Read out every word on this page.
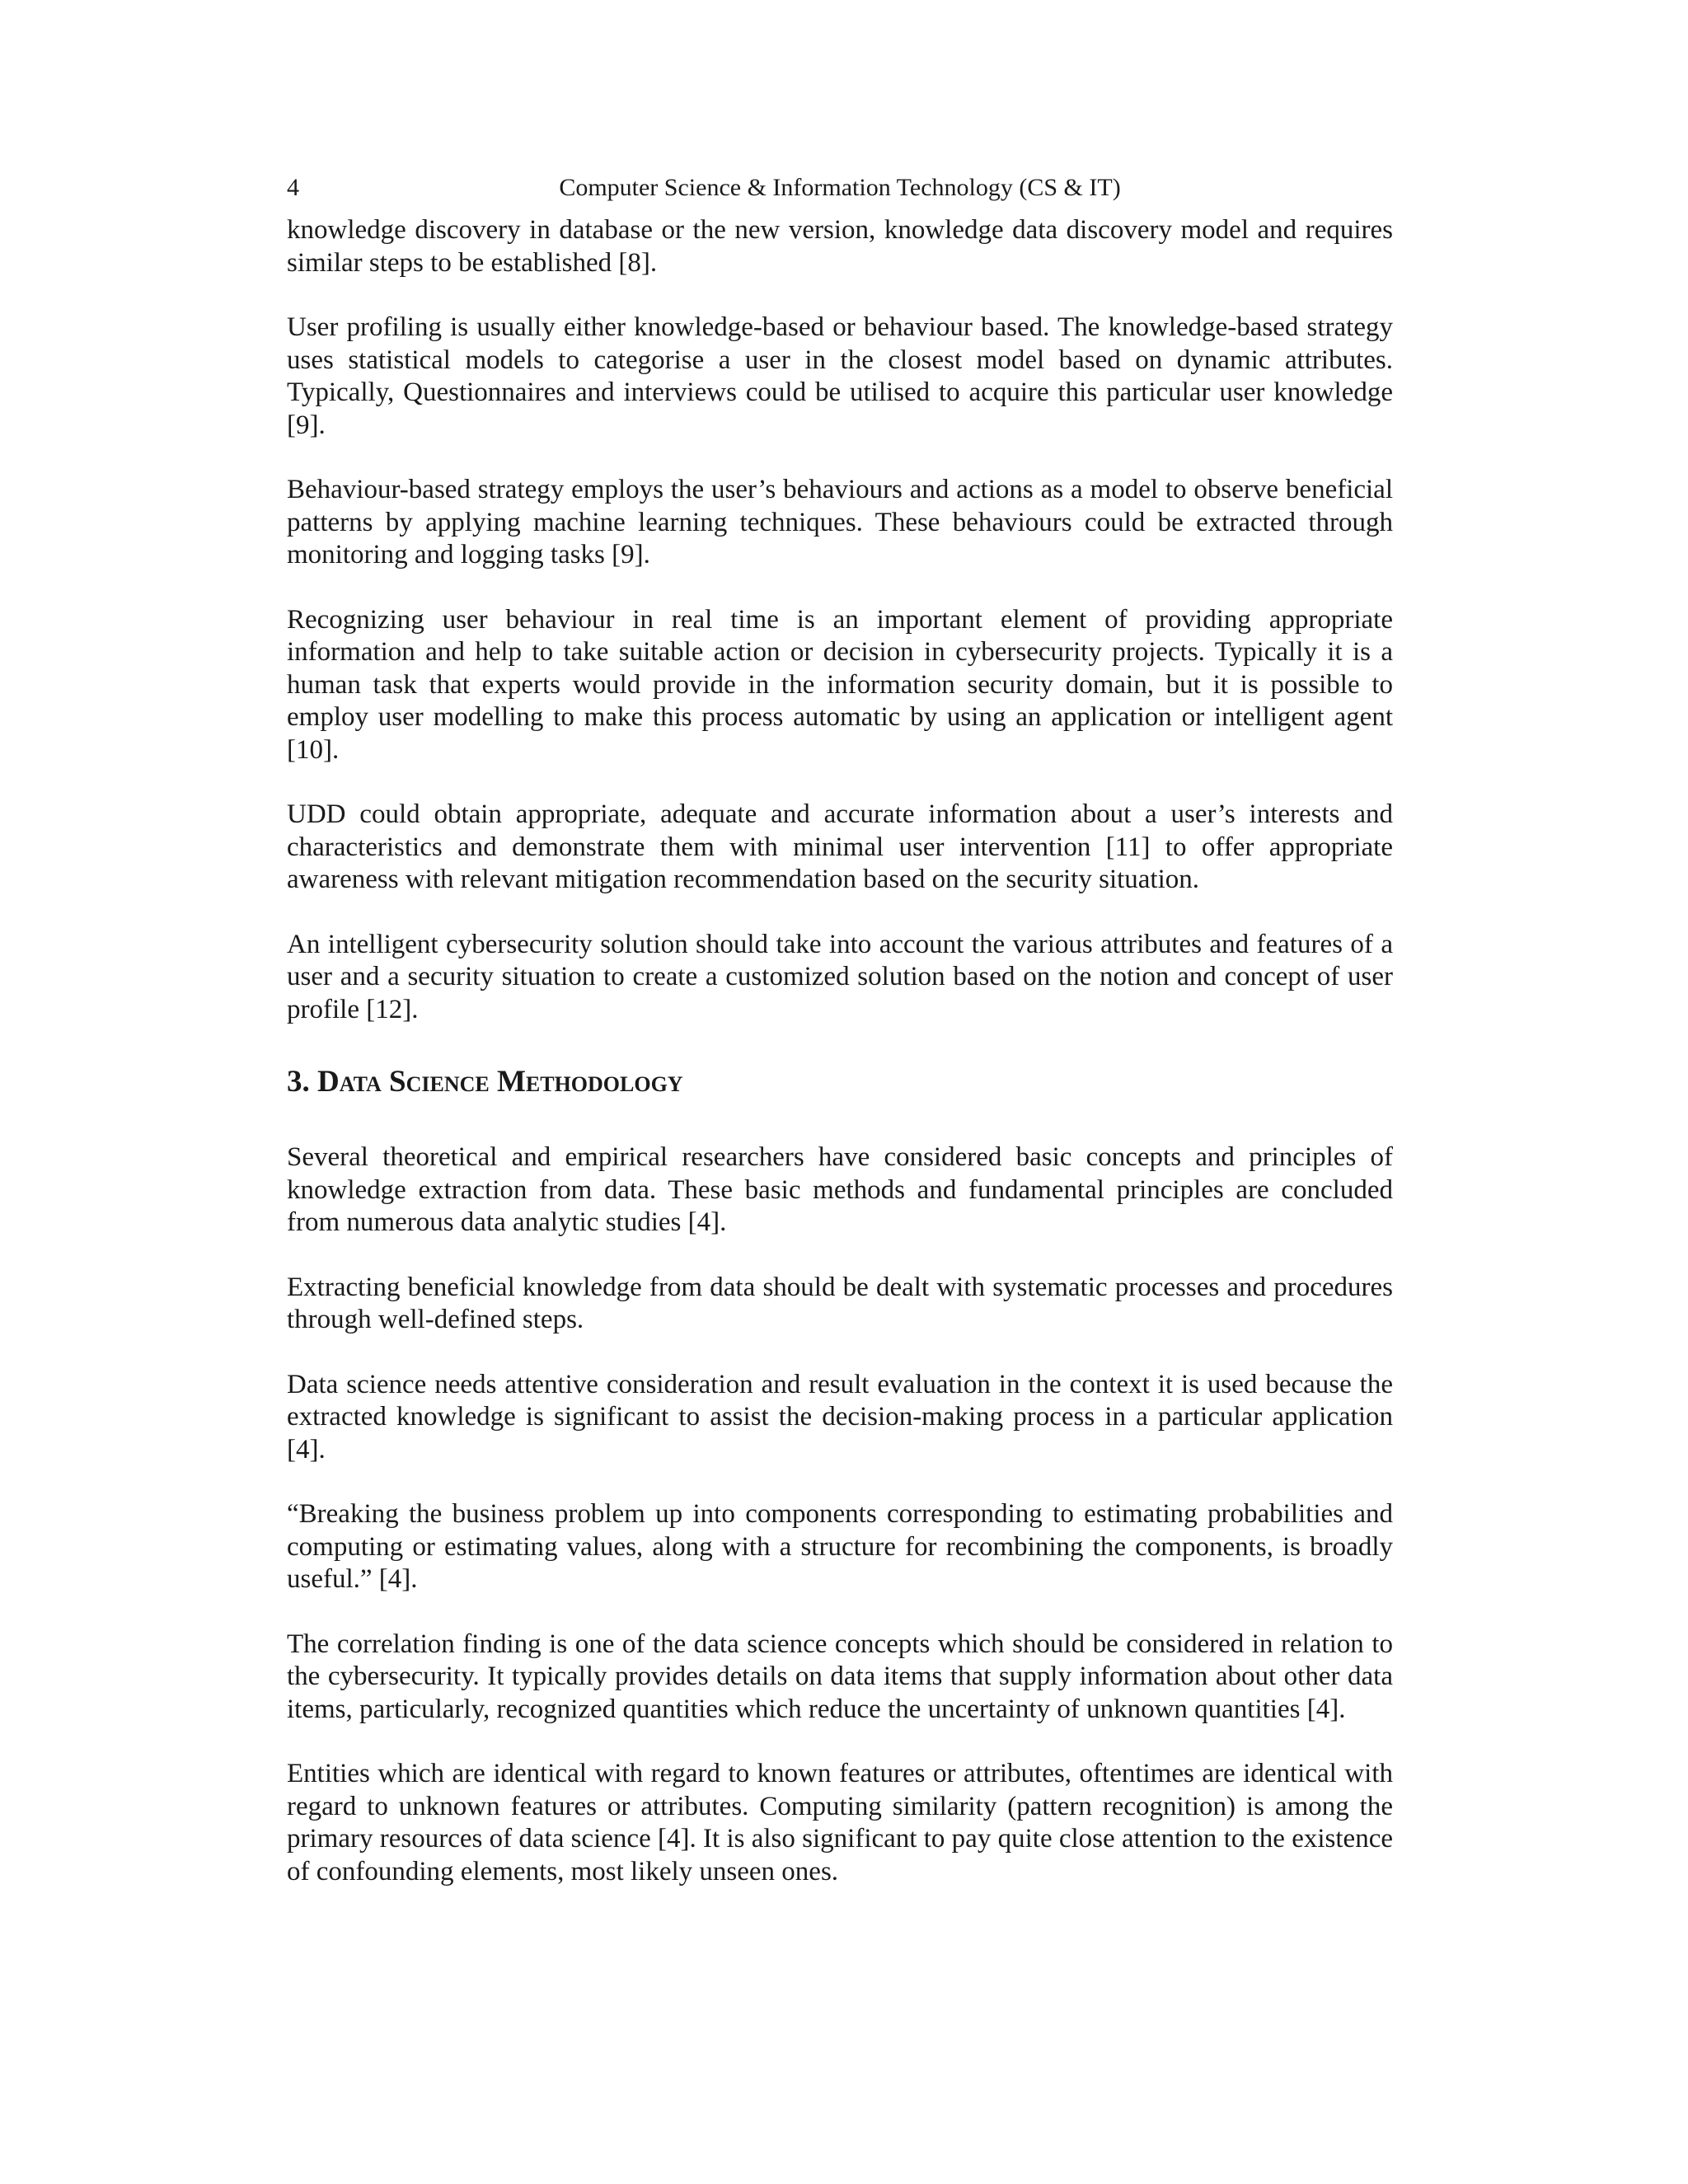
4	Computer Science & Information Technology (CS & IT)

knowledge discovery in database or the new version, knowledge data discovery model and requires similar steps to be established [8].

User profiling is usually either knowledge-based or behaviour based. The knowledge-based strategy uses statistical models to categorise a user in the closest model based on dynamic attributes. Typically, Questionnaires and interviews could be utilised to acquire this particular user knowledge [9].

Behaviour-based strategy employs the user’s behaviours and actions as a model to observe beneficial patterns by applying machine learning techniques. These behaviours could be extracted through monitoring and logging tasks [9].

Recognizing user behaviour in real time is an important element of providing appropriate information and help to take suitable action or decision in cybersecurity projects. Typically it is a human task that experts would provide in the information security domain, but it is possible to employ user modelling to make this process automatic by using an application or intelligent agent [10].

UDD could obtain appropriate, adequate and accurate information about a user’s interests and characteristics and demonstrate them with minimal user intervention [11] to offer appropriate awareness with relevant mitigation recommendation based on the security situation.

An intelligent cybersecurity solution should take into account the various attributes and features of a user and a security situation to create a customized solution based on the notion and concept of user profile [12].

3. Data Science Methodology

Several theoretical and empirical researchers have considered basic concepts and principles of knowledge extraction from data. These basic methods and fundamental principles are concluded from numerous data analytic studies [4].

Extracting beneficial knowledge from data should be dealt with systematic processes and procedures through well-defined steps.

Data science needs attentive consideration and result evaluation in the context it is used because the extracted knowledge is significant to assist the decision-making process in a particular application [4].

“Breaking the business problem up into components corresponding to estimating probabilities and computing or estimating values, along with a structure for recombining the components, is broadly useful.” [4].

The correlation finding is one of the data science concepts which should be considered in relation to the cybersecurity. It typically provides details on data items that supply information about other data items, particularly, recognized quantities which reduce the uncertainty of unknown quantities [4].

Entities which are identical with regard to known features or attributes, oftentimes are identical with regard to unknown features or attributes. Computing similarity (pattern recognition) is among the primary resources of data science [4]. It is also significant to pay quite close attention to the existence of confounding elements, most likely unseen ones.
